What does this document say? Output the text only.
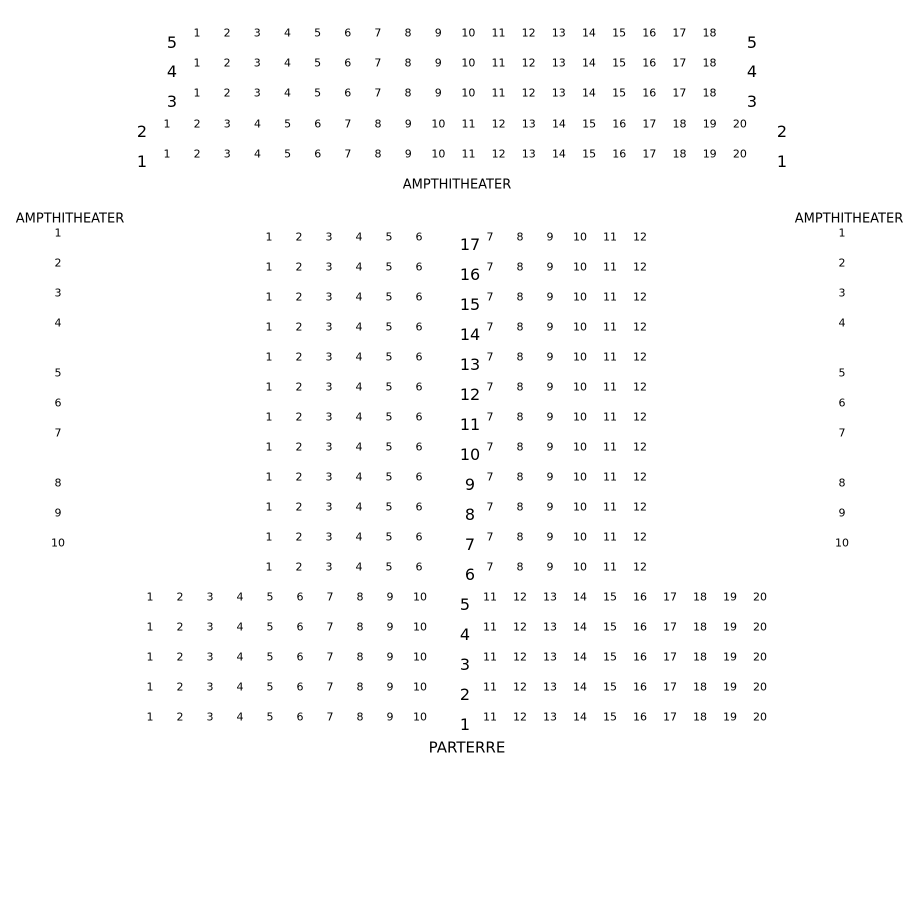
AMPTHITHEATER
AMPTHITHEATER	AMPTHITHEATER
PARTERRE
5	5
1 2 3 4 5 6 7 8 9 10 11 12 13 14 15 16 17 18
4	4
1 2 3 4 5 6 7 8 9 10 11 12 13 14 15 16 17 18
3	3
1 2 3 4 5 6 7 8 9 10 11 12 13 14 15 16 17 18
2	2
1 2 3 4 5 6 7 8 9 10 11 12 13 14 15 16 17 18 19 20
1	1
1 2 3 4 5 6 7 8 9 10 11 12 13 14 15 16 17 18 19 20
1
2
3
4
5
6
7
8
9
10
1
2
3
4
5
6
7
8
9
10
17
1 2 3 4 5 6	7 8 9 10 11 12
16
1 2 3 4 5 6	7 8 9 10 11 12
15
1 2 3 4 5 6	7 8 9 10 11 12
14
1 2 3 4 5 6	7 8 9 10 11 12
13
1 2 3 4 5 6	7 8 9 10 11 12
12
1 2 3 4 5 6	7 8 9 10 11 12
11
1 2 3 4 5 6	7 8 9 10 11 12
10
1 2 3 4 5 6	7 8 9 10 11 12
9
1 2 3 4 5 6	7 8 9 10 11 12
8
1 2 3 4 5 6	7 8 9 10 11 12
7
1 2 3 4 5 6	7 8 9 10 11 12
6
1 2 3 4 5 6	7 8 9 10 11 12
5
1 2 3 4 5 6 7 8 9 10	11 12 13 14 15 16 17 18 19 20
4
1 2 3 4 5 6 7 8 9 10	11 12 13 14 15 16 17 18 19 20
3
1 2 3 4 5 6 7 8 9 10	11 12 13 14 15 16 17 18 19 20
2
1 2 3 4 5 6 7 8 9 10	11 12 13 14 15 16 17 18 19 20
1
1 2 3 4 5 6 7 8 9 10	11 12 13 14 15 16 17 18 19 20
